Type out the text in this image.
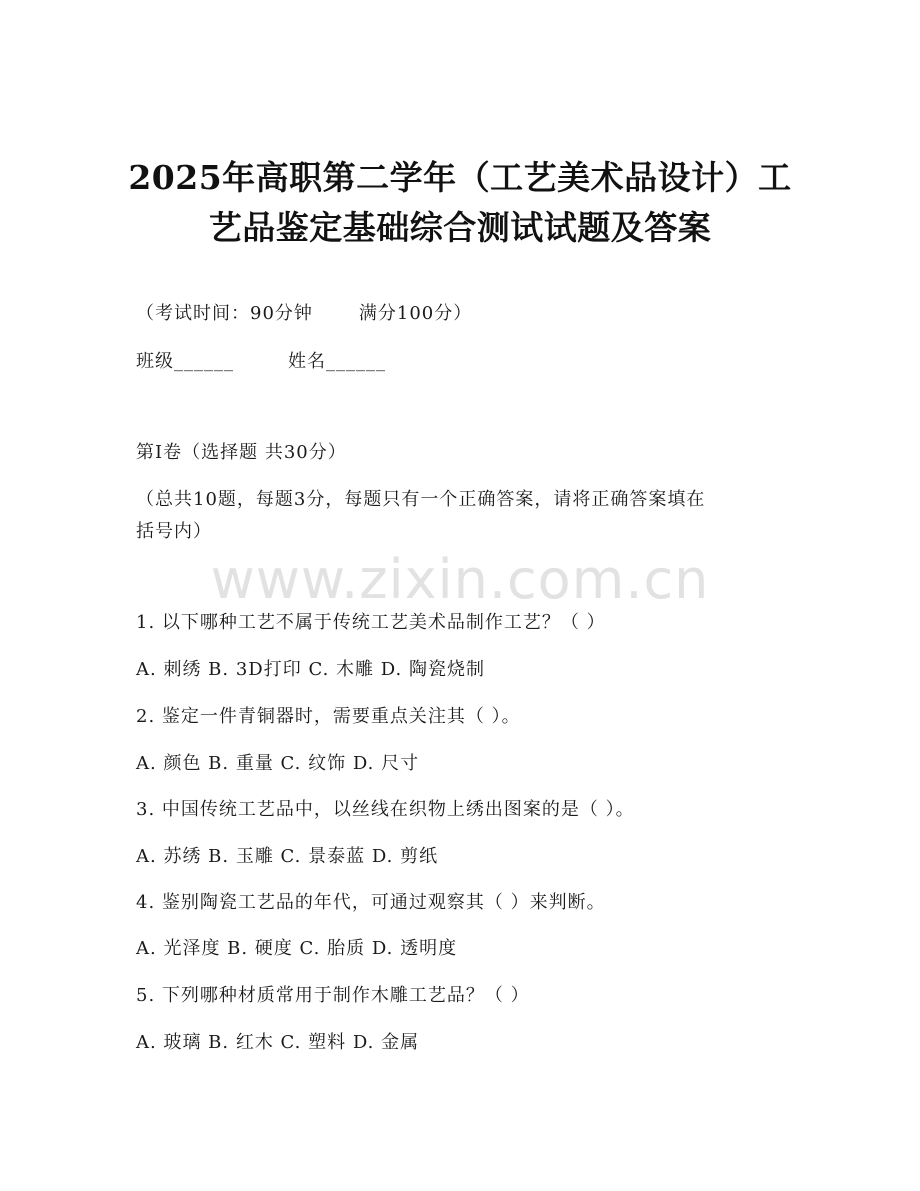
2025年高职第二学年（工艺美术品设计）工
艺品鉴定基础综合测试试题及答案
（考试时间：90分钟	满分100分）
班级______	姓名______
第I卷（选择题 共30分）
（总共10题，每题3分，每题只有一个正确答案，请将正确答案填在
括号内）
www.zixin.com.cn
1. 以下哪种工艺不属于传统工艺美术品制作工艺？（ ）
A. 刺绣 B. 3D打印 C. 木雕 D. 陶瓷烧制
2. 鉴定一件青铜器时，需要重点关注其（ ）。
A. 颜色 B. 重量 C. 纹饰 D. 尺寸
3. 中国传统工艺品中，以丝线在织物上绣出图案的是（ ）。
A. 苏绣 B. 玉雕 C. 景泰蓝 D. 剪纸
4. 鉴别陶瓷工艺品的年代，可通过观察其（ ）来判断。
A. 光泽度 B. 硬度 C. 胎质 D. 透明度
5. 下列哪种材质常用于制作木雕工艺品？（ ）
A. 玻璃 B. 红木 C. 塑料 D. 金属
